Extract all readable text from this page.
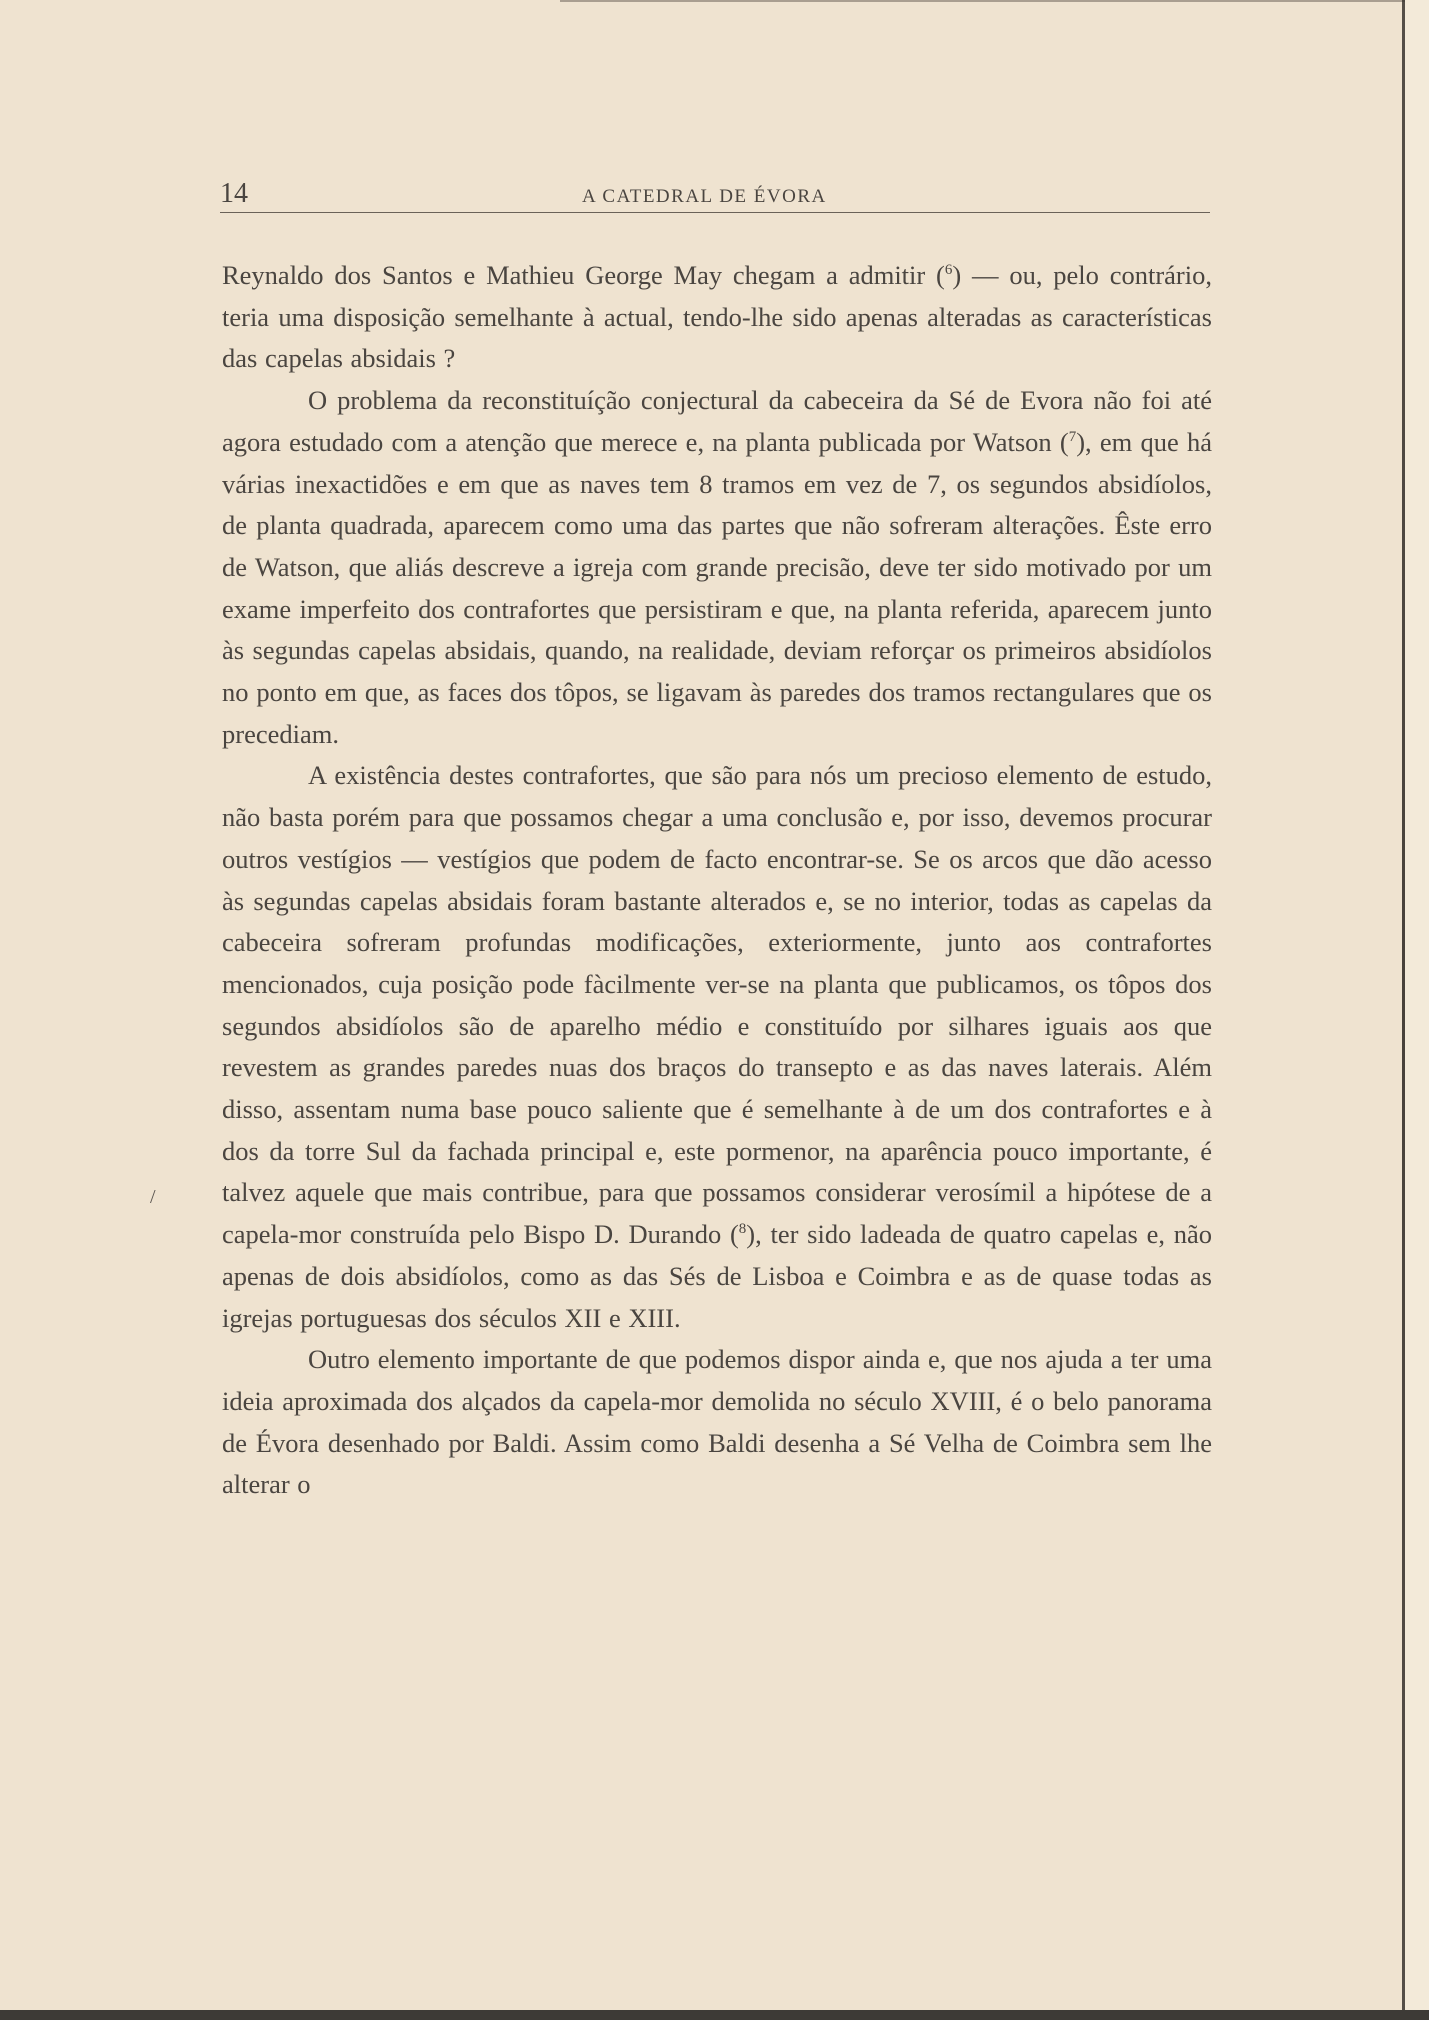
14	A CATEDRAL DE ÉVORA
/

Reynaldo dos Santos e Mathieu George May chegam a admitir ($^6$) — ou, pelo contrário, teria uma disposição semelhante à actual, tendo-lhe sido apenas alteradas as características das capelas absidais ?

O problema da reconstituíção conjectural da cabeceira da Sé de Evora não foi até agora estudado com a atenção que merece e, na planta publicada por Watson ($^7$), em que há várias inexactidões e em que as naves tem 8 tramos em vez de 7, os segundos absidíolos, de planta quadrada, aparecem como uma das partes que não sofreram alterações. Êste erro de Watson, que aliás descreve a igreja com grande precisão, deve ter sido motivado por um exame imperfeito dos contrafortes que persistiram e que, na planta referida, aparecem junto às segundas capelas absidais, quando, na realidade, deviam reforçar os primeiros absidíolos no ponto em que, as faces dos tôpos, se ligavam às paredes dos tramos rectangulares que os precediam.

A existência destes contrafortes, que são para nós um precioso elemento de estudo, não basta porém para que possamos chegar a uma conclusão e, por isso, devemos procurar outros vestígios — vestígios que podem de facto encontrar-se. Se os arcos que dão acesso às segundas capelas absidais foram bastante alterados e, se no interior, todas as capelas da cabeceira sofreram profundas modificações, exteriormente, junto aos contrafortes mencionados, cuja posição pode fàcilmente ver-se na planta que publicamos, os tôpos dos segundos absidíolos são de aparelho médio e constituído por silhares iguais aos que revestem as grandes paredes nuas dos braços do transepto e as das naves laterais. Além disso, assentam numa base pouco saliente que é semelhante à de um dos contrafortes e à dos da torre Sul da fachada principal e, este pormenor, na aparência pouco importante, é talvez aquele que mais contribue, para que possamos considerar verosímil a hipótese de a capela-mor construída pelo Bispo D. Durando ($^8$), ter sido ladeada de quatro capelas e, não apenas de dois absidíolos, como as das Sés de Lisboa e Coimbra e as de quase todas as igrejas portuguesas dos séculos XII e XIII.

Outro elemento importante de que podemos dispor ainda e, que nos ajuda a ter uma ideia aproximada dos alçados da capela-mor demolida no século XVIII, é o belo panorama de Évora desenhado por Baldi. Assim como Baldi desenha a Sé Velha de Coimbra sem lhe alterar o
